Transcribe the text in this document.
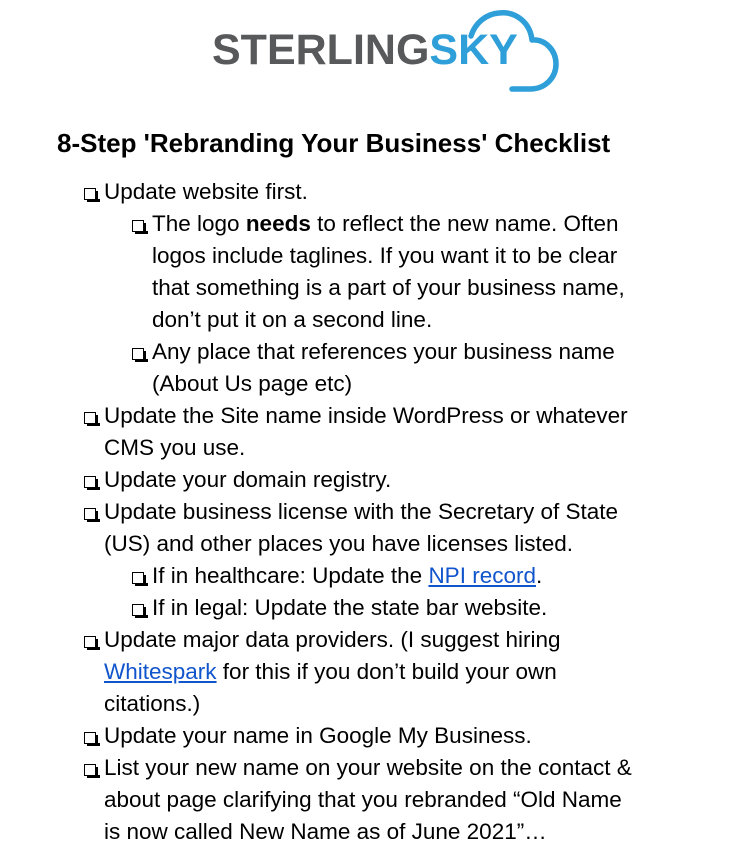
STERLINGSKY
8-Step 'Rebranding Your Business' Checklist
Update website first.
The logo needs to reflect the new name. Often
logos include taglines. If you want it to be clear
that something is a part of your business name,
don’t put it on a second line.
Any place that references your business name
(About Us page etc)
Update the Site name inside WordPress or whatever
CMS you use.
Update your domain registry.
Update business license with the Secretary of State
(US) and other places you have licenses listed.
If in healthcare: Update the NPI record.
If in legal: Update the state bar website.
Update major data providers. (I suggest hiring
Whitespark for this if you don’t build your own
citations.)
Update your name in Google My Business.
List your new name on your website on the contact &
about page clarifying that you rebranded “Old Name
is now called New Name as of June 2021”…
